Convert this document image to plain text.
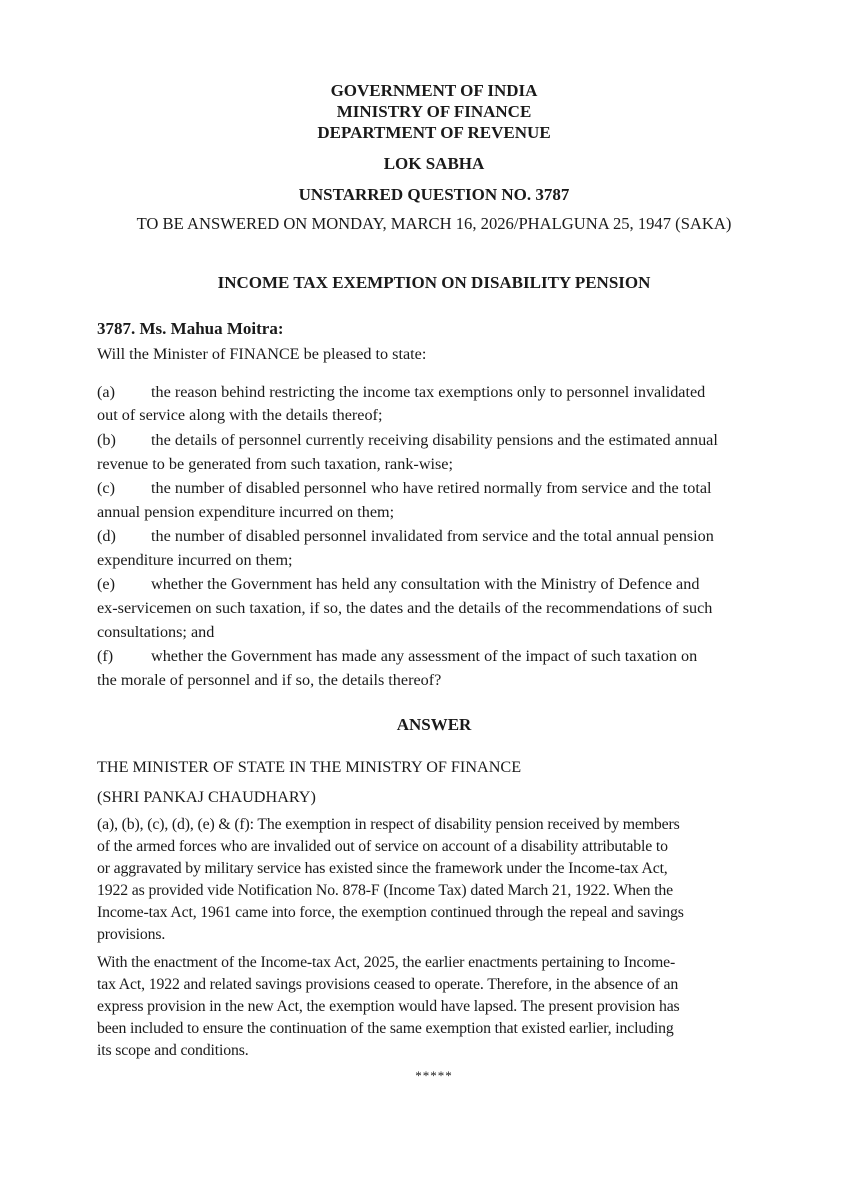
GOVERNMENT OF INDIA
MINISTRY OF FINANCE
DEPARTMENT OF REVENUE
LOK SABHA
UNSTARRED QUESTION NO. 3787
TO BE ANSWERED ON MONDAY, MARCH 16, 2026/PHALGUNA 25, 1947 (SAKA)
INCOME TAX EXEMPTION ON DISABILITY PENSION
3787. Ms. Mahua Moitra:
Will the Minister of FINANCE be pleased to state:
(a) the reason behind restricting the income tax exemptions only to personnel invalidated
out of service along with the details thereof;
(b) the details of personnel currently receiving disability pensions and the estimated annual
revenue to be generated from such taxation, rank-wise;
(c) the number of disabled personnel who have retired normally from service and the total
annual pension expenditure incurred on them;
(d) the number of disabled personnel invalidated from service and the total annual pension
expenditure incurred on them;
(e) whether the Government has held any consultation with the Ministry of Defence and
ex-servicemen on such taxation, if so, the dates and the details of the recommendations of such
consultations; and
(f) whether the Government has made any assessment of the impact of such taxation on
the morale of personnel and if so, the details thereof?
ANSWER
THE MINISTER OF STATE IN THE MINISTRY OF FINANCE
(SHRI PANKAJ CHAUDHARY)
(a), (b), (c), (d), (e) & (f): The exemption in respect of disability pension received by members
of the armed forces who are invalided out of service on account of a disability attributable to
or aggravated by military service has existed since the framework under the Income-tax Act,
1922 as provided vide Notification No. 878-F (Income Tax) dated March 21, 1922. When the
Income-tax Act, 1961 came into force, the exemption continued through the repeal and savings
provisions.
With the enactment of the Income-tax Act, 2025, the earlier enactments pertaining to Income-
tax Act, 1922 and related savings provisions ceased to operate. Therefore, in the absence of an
express provision in the new Act, the exemption would have lapsed. The present provision has
been included to ensure the continuation of the same exemption that existed earlier, including
its scope and conditions.
*****
